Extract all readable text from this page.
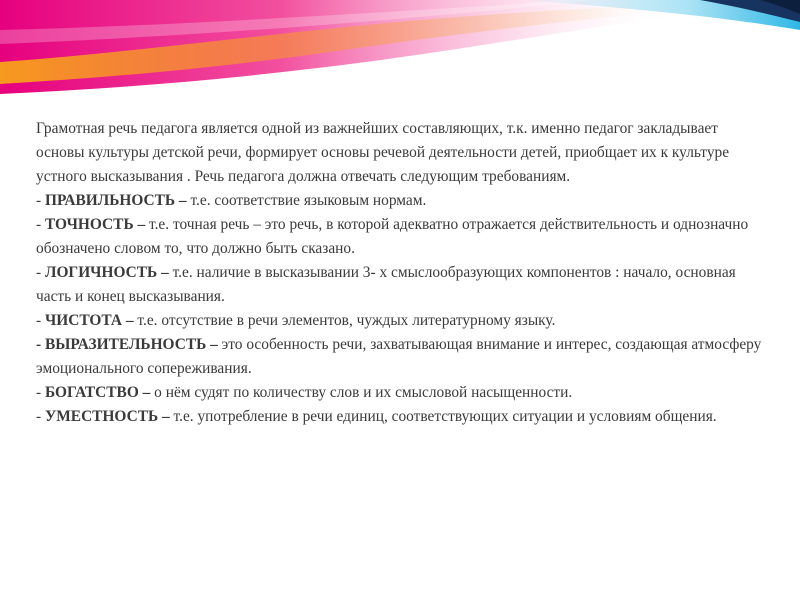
Грамотная речь педагога является одной из важнейших составляющих, т.к. именно педагог закладывает основы культуры детской речи, формирует основы речевой деятельности детей, приобщает их к культуре устного высказывания . Речь педагога должна отвечать следующим требованиям.

- ПРАВИЛЬНОСТЬ – т.е. соответствие языковым нормам.

- ТОЧНОСТЬ – т.е. точная речь – это речь, в которой адекватно отражается действительность и однозначно обозначено словом то, что должно быть сказано.

- ЛОГИЧНОСТЬ – т.е. наличие в высказывании 3- х смыслообразующих компонентов : начало, основная часть и конец высказывания.

- ЧИСТОТА – т.е. отсутствие в речи элементов, чуждых литературному языку.

- ВЫРАЗИТЕЛЬНОСТЬ – это особенность речи, захватывающая внимание и интерес, создающая атмосферу эмоционального сопереживания.

- БОГАТСТВО – о нём судят по количеству слов и их смысловой насыщенности.

- УМЕСТНОСТЬ – т.е. употребление в речи единиц, соответствующих ситуации и условиям общения.
